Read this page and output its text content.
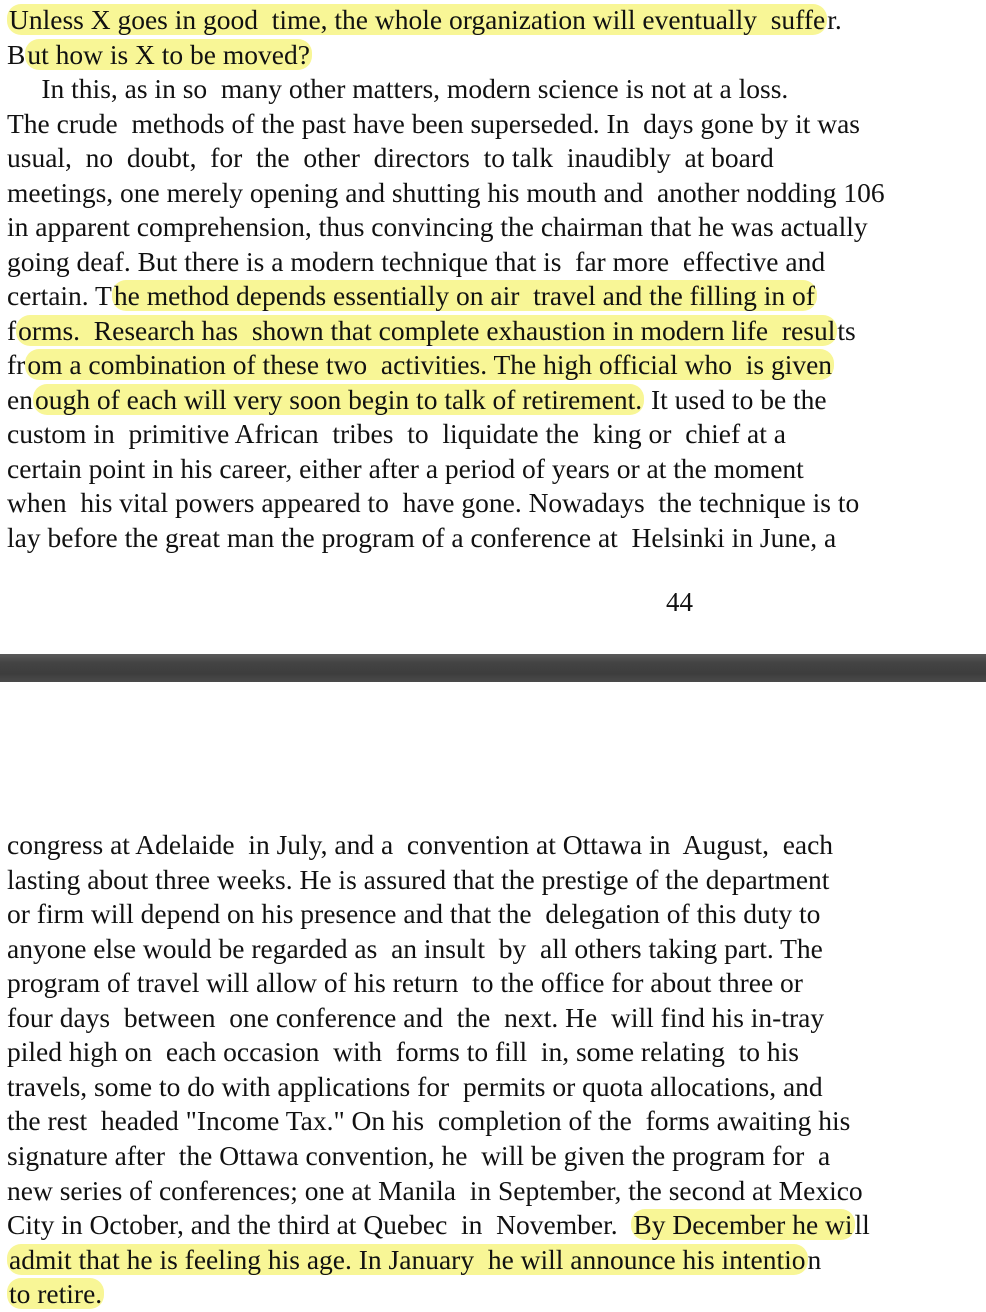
Unless X goes in good  time, the whole organization will eventually  suffer.
But how is X to be moved?
In this, as in so  many other matters, modern science is not at a loss.
The crude  methods of the past have been superseded. In  days gone by it was
usual,  no  doubt,  for  the  other  directors  to talk  inaudibly  at board
meetings, one merely opening and shutting his mouth and  another nodding 106
in apparent comprehension, thus convincing the chairman that he was actually
going deaf. But there is a modern technique that is  far more  effective and
certain. The method depends essentially on air  travel and the filling in of
forms.  Research has  shown that complete exhaustion in modern life  results
from a combination of these two  activities. The high official who  is given
enough of each will very soon begin to talk of retirement. It used to be the
custom in  primitive African  tribes  to  liquidate the  king or  chief at a
certain point in his career, either after a period of years or at the moment
when  his vital powers appeared to  have gone. Nowadays  the technique is to
lay before the great man the program of a conference at  Helsinki in June, a
44
congress at Adelaide  in July, and a  convention at Ottawa in  August,  each
lasting about three weeks. He is assured that the prestige of the department
or firm will depend on his presence and that the  delegation of this duty to
anyone else would be regarded as  an insult  by  all others taking part. The
program of travel will allow of his return  to the office for about three or
four days  between  one conference and  the  next. He  will find his in-tray
piled high on  each occasion  with  forms to fill  in, some relating  to his
travels, some to do with applications for  permits or quota allocations, and
the rest  headed "Income Tax." On his  completion of the  forms awaiting his
signature after  the Ottawa convention, he  will be given the program for  a
new series of conferences; one at Manila  in September, the second at Mexico
City in October, and the third at Quebec  in  November.  By December he will
admit that he is feeling his age. In January  he will announce his intention
to retire.
